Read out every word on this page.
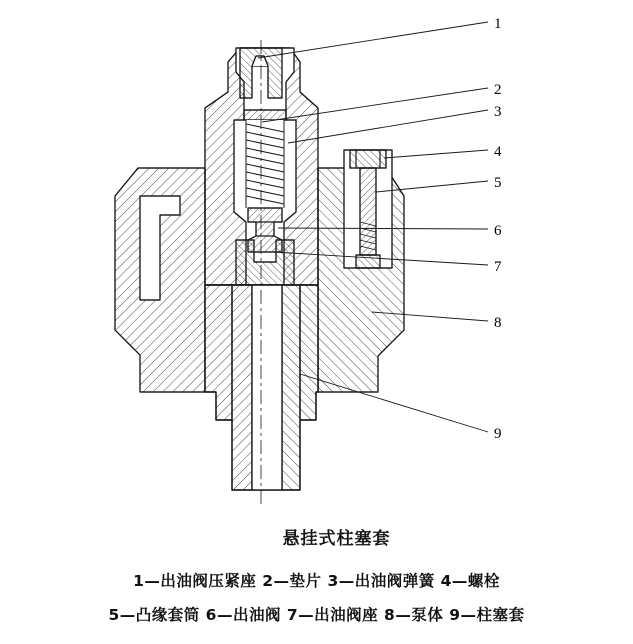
1
2
3
4
5
6
7
8
9

悬挂式柱塞套

1—出油阀压紧座 2—垫片 3—出油阀弹簧 4—螺栓

5—凸缘套筒 6—出油阀 7—出油阀座 8—泵体 9—柱塞套
